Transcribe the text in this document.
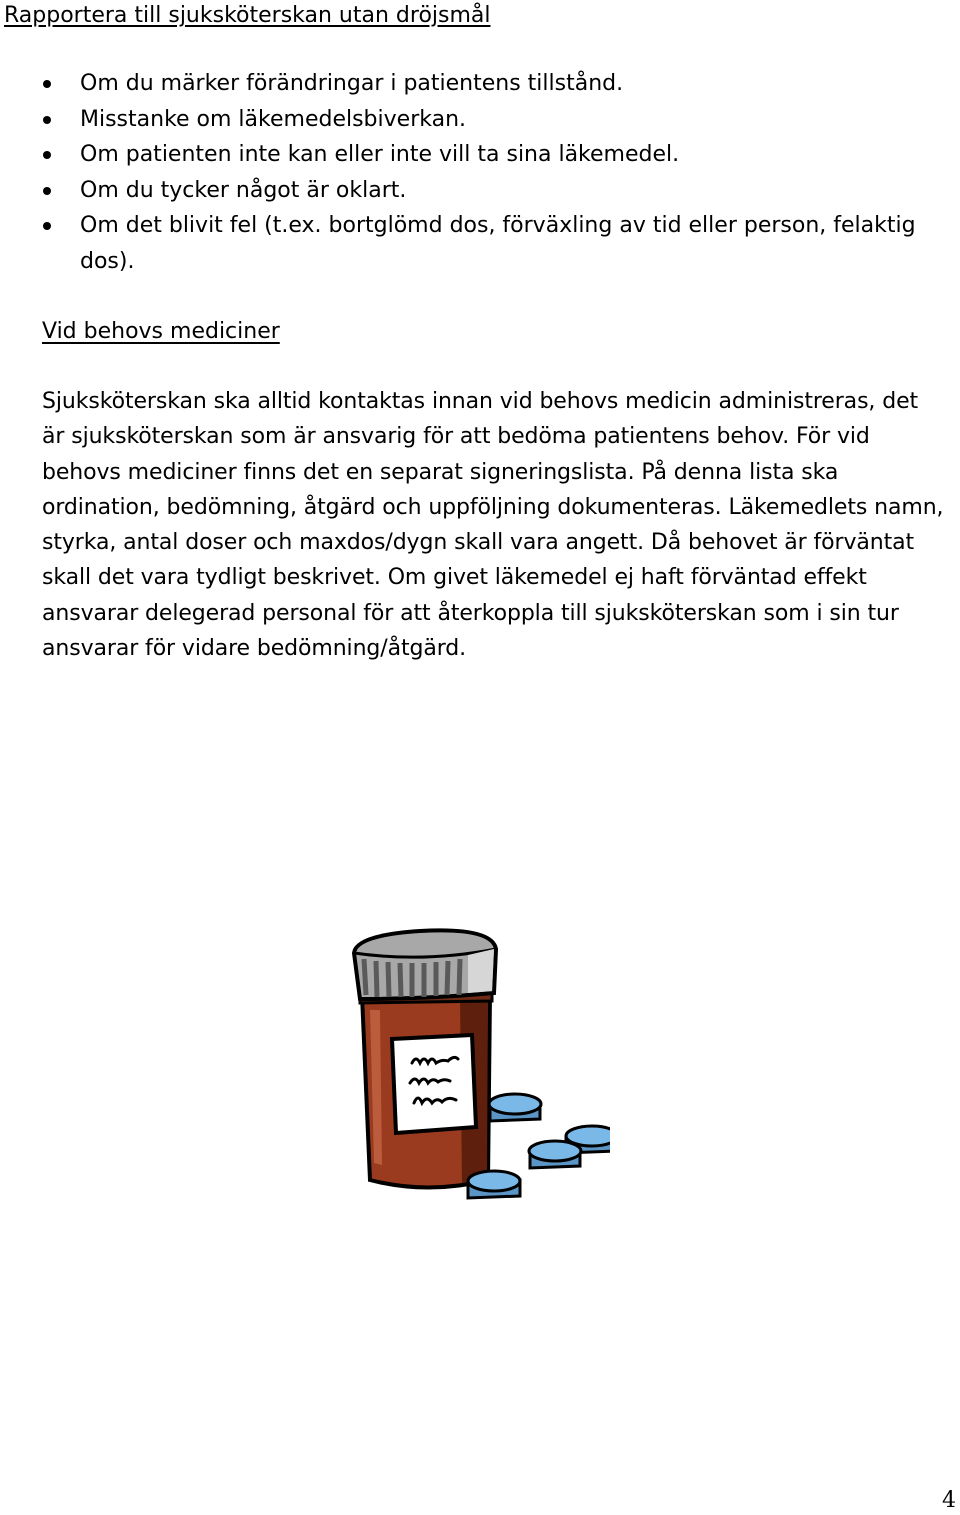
Rapportera till sjuksköterskan utan dröjsmål
Om du märker förändringar i patientens tillstånd.
Misstanke om läkemedelsbiverkan.
Om patienten inte kan eller inte vill ta sina läkemedel.
Om du tycker något är oklart.
Om det blivit fel (t.ex. bortglömd dos, förväxling av tid eller person, felaktig dos).
Vid behovs mediciner

Sjuksköterskan ska alltid kontaktas innan vid behovs medicin administreras, det är sjuksköterskan som är ansvarig för att bedöma patientens behov. För vid behovs mediciner finns det en separat signeringslista. På denna lista ska ordination, bedömning, åtgärd och uppföljning dokumenteras. Läkemedlets namn, styrka, antal doser och maxdos/dygn skall vara angett. Då behovet är förväntat skall det vara tydligt beskrivet. Om givet läkemedel ej haft förväntad effekt ansvarar delegerad personal för att återkoppla till sjuksköterskan som i sin tur ansvarar för vidare bedömning/åtgärd.

4
